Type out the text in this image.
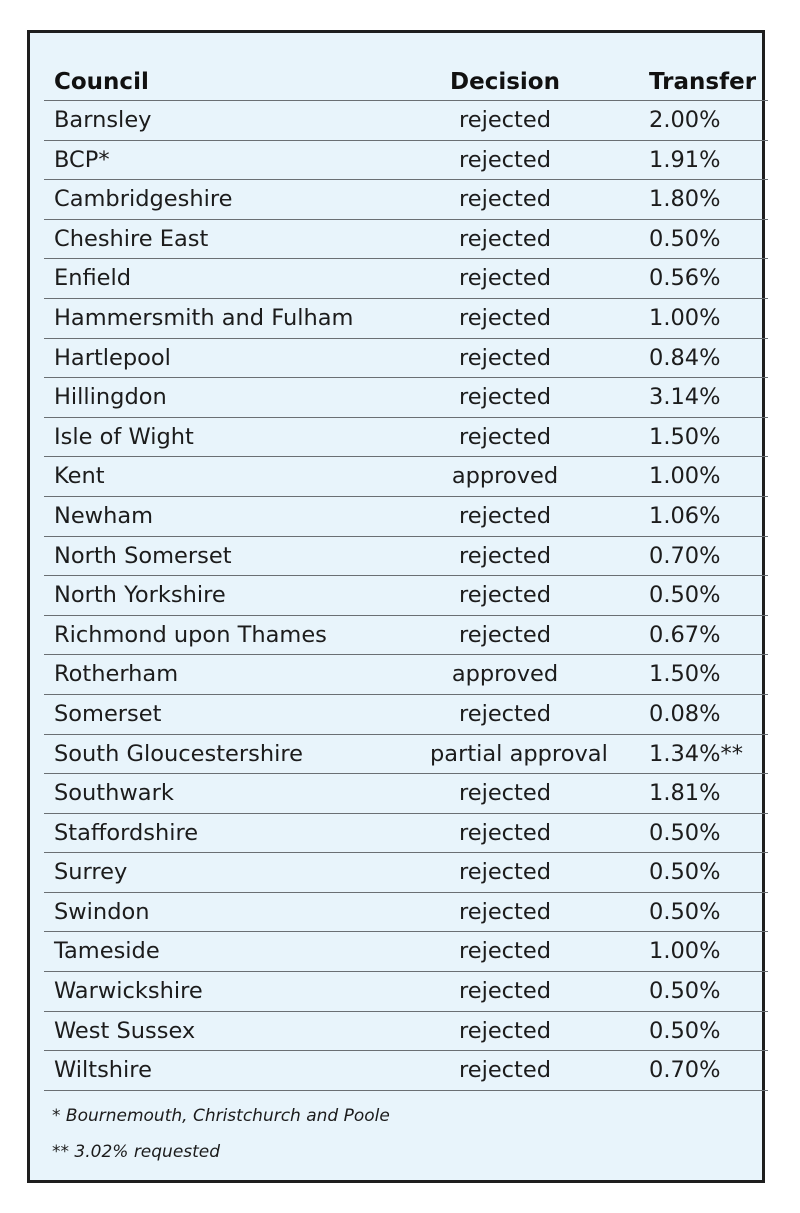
Council	Decision	Transfer
Barnsley	rejected	2.00%
BCP*	rejected	1.91%
Cambridgeshire	rejected	1.80%
Cheshire East	rejected	0.50%
Enfield	rejected	0.56%
Hammersmith and Fulham	rejected	1.00%
Hartlepool	rejected	0.84%
Hillingdon	rejected	3.14%
Isle of Wight	rejected	1.50%
Kent	approved	1.00%
Newham	rejected	1.06%
North Somerset	rejected	0.70%
North Yorkshire	rejected	0.50%
Richmond upon Thames	rejected	0.67%
Rotherham	approved	1.50%
Somerset	rejected	0.08%
South Gloucestershire	partial approval 1.34%**
Southwark	rejected	1.81%
Staffordshire	rejected	0.50%
Surrey	rejected	0.50%
Swindon	rejected	0.50%
Tameside	rejected	1.00%
Warwickshire	rejected	0.50%
West Sussex	rejected	0.50%
Wiltshire	rejected	0.70%
* Bournemouth, Christchurch and Poole
** 3.02% requested
